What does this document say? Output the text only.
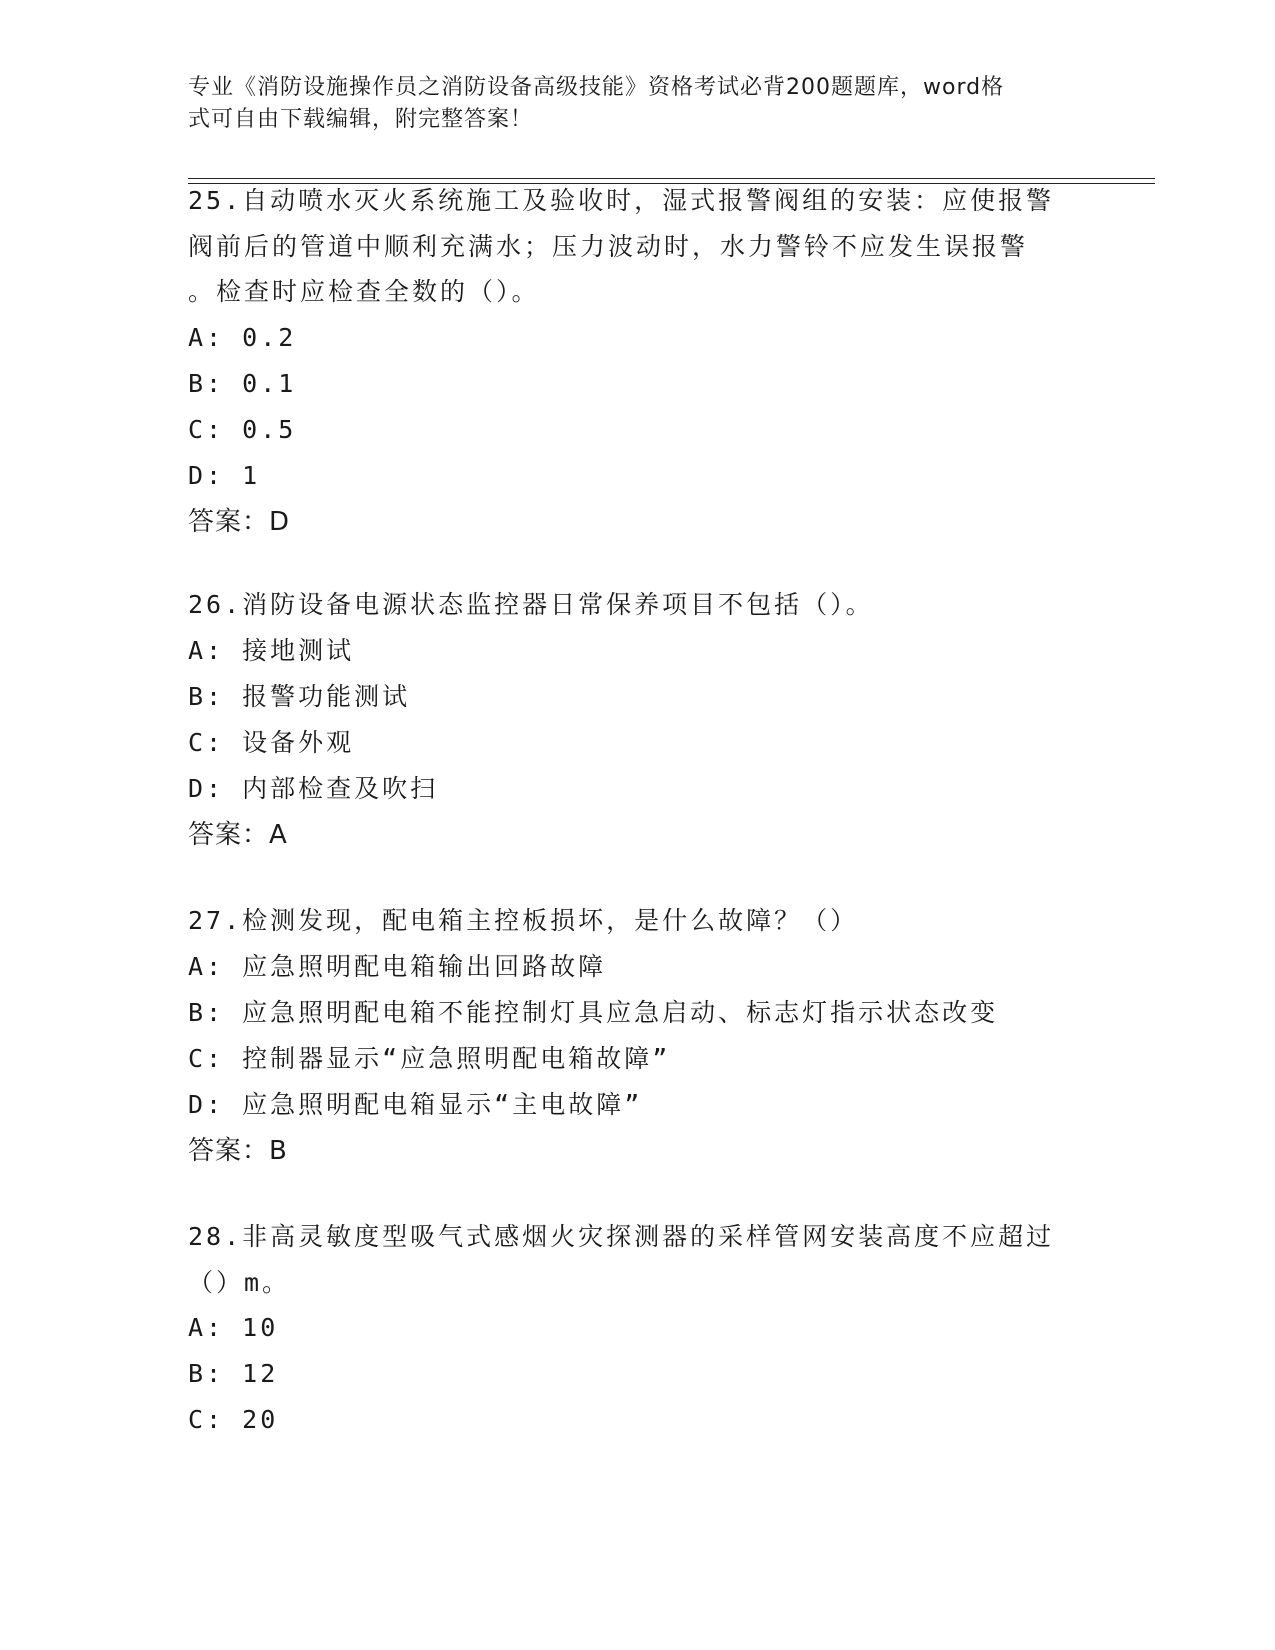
专业《消防设施操作员之消防设备高级技能》资格考试必背200题题库，word格
式可自由下载编辑，附完整答案！
25.自动喷水灭火系统施工及验收时，湿式报警阀组的安装：应使报警
阀前后的管道中顺利充满水；压力波动时，水力警铃不应发生误报警
。检查时应检查全数的（）。
A: 0.2
B: 0.1
C: 0.5
D: 1
答案：D
26.消防设备电源状态监控器日常保养项目不包括（）。
A: 接地测试
B: 报警功能测试
C: 设备外观
D: 内部检查及吹扫
答案：A
27.检测发现，配电箱主控板损坏，是什么故障？（）
A: 应急照明配电箱输出回路故障
B: 应急照明配电箱不能控制灯具应急启动、标志灯指示状态改变
C: 控制器显示“应急照明配电箱故障”
D: 应急照明配电箱显示“主电故障”
答案：B
28.非高灵敏度型吸气式感烟火灾探测器的采样管网安装高度不应超过
（）m。
A: 10
B: 12
C: 20
